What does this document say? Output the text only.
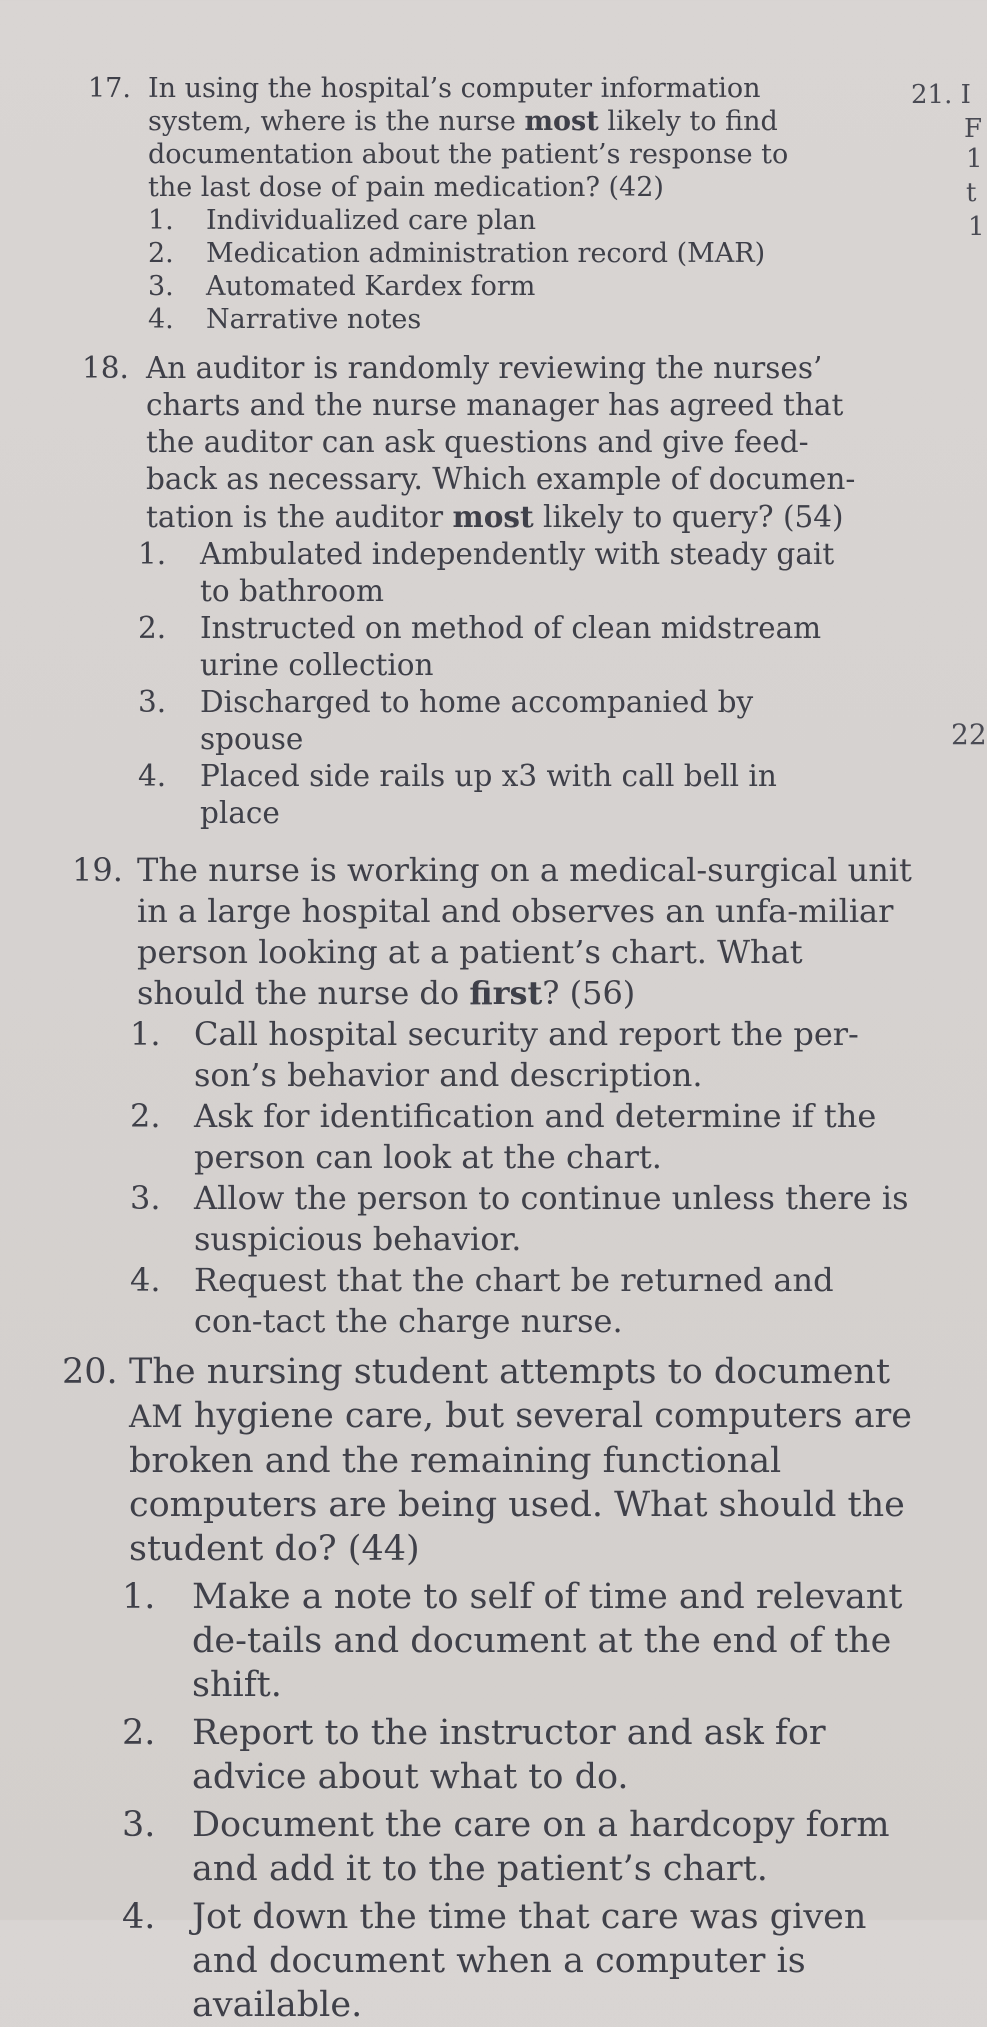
17. In using the hospital’s computer information system, where is the nurse most likely to find documentation about the patient’s response to the last dose of pain medication? (42)
1.	Individualized care plan
2.	Medication administration record (MAR)
3.	Automated Kardex form
4.	Narrative notes
18. An auditor is randomly reviewing the nurses’ charts and the nurse manager has agreed that the auditor can ask questions and give feed-back as necessary. Which example of documen-tation is the auditor most likely to query? (54)
1.	Ambulated independently with steady gait to bathroom
2.	Instructed on method of clean midstream urine collection
3.	Discharged to home accompanied by spouse
4.	Placed side rails up x3 with call bell in place
19. The nurse is working on a medical-surgical unit in a large hospital and observes an unfa-miliar person looking at a patient’s chart. What should the nurse do first? (56)
1.	Call hospital security and report the per-son’s behavior and description.
2.	Ask for identification and determine if the person can look at the chart.
3.	Allow the person to continue unless there is suspicious behavior.
4.	Request that the chart be returned and con-tact the charge nurse.
20. The nursing student attempts to document AM hygiene care, but several computers are broken and the remaining functional computers are being used. What should the student do? (44)
1.	Make a note to self of time and relevant de-tails and document at the end of the shift.
2.	Report to the instructor and ask for advice about what to do.
3.	Document the care on a hardcopy form and add it to the patient’s chart.
4.	Jot down the time that care was given and document when a computer is available.
21. I
F
1
t
1
22
